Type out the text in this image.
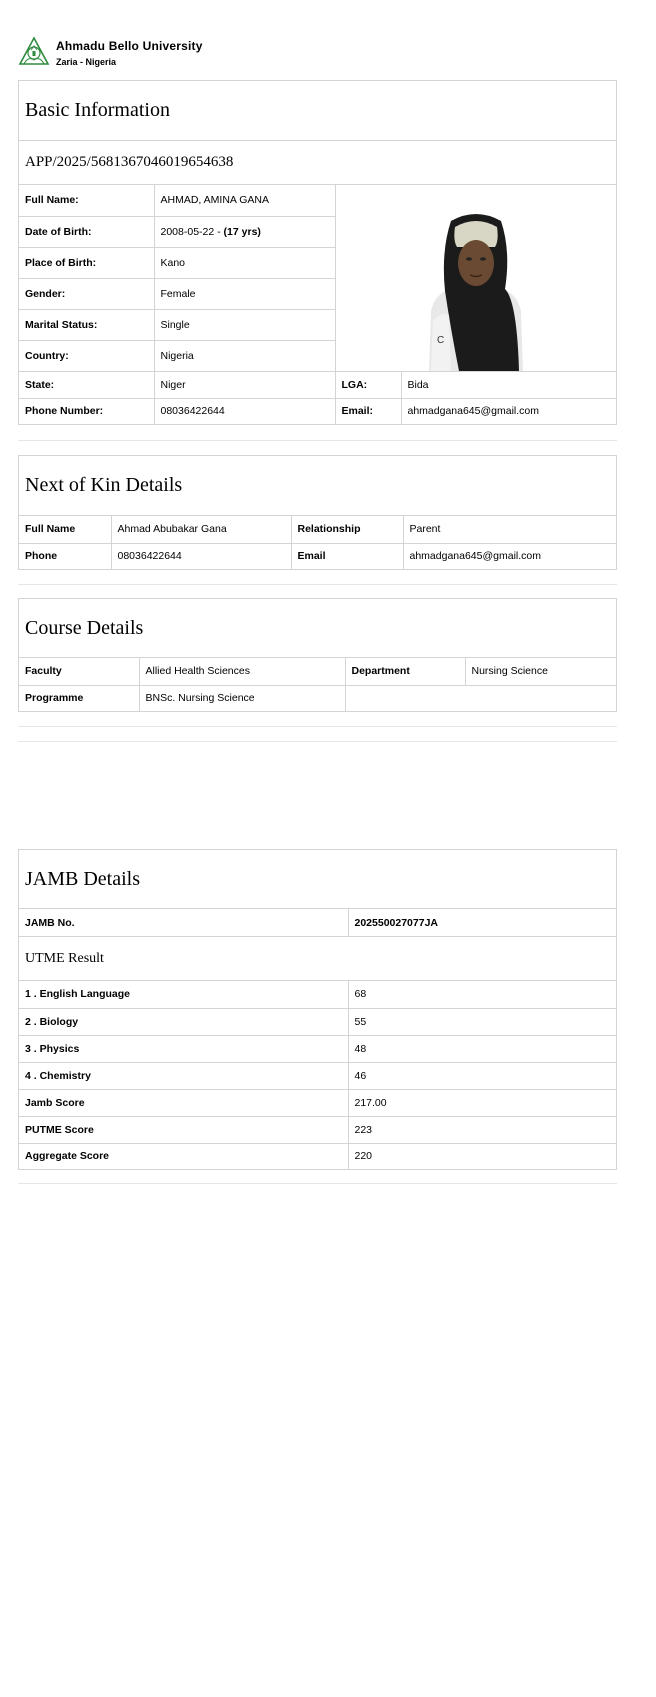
Ahmadu Bello University
Zaria - Nigeria
Basic Information
APP/2025/5681367046019654638
Full Name:	AHMAD, AMINA GANA	C	

Date of Birth:	2008-05-22 - (17 yrs)		
Place of Birth:	Kano		
Gender:	Female		
Marital Status:	Single		
Country:	Nigeria		
State:	Niger	LGA:	Bida
Phone Number:	08036422644	Email:	ahmadgana645@gmail.com
Next of Kin Details
Full Name	Ahmad Abubakar Gana	Relationship	Parent
Phone	08036422644	Email	ahmadgana645@gmail.com
Course Details
Faculty	Allied Health Sciences	Department	Nursing Science
Programme	BNSc. Nursing Science		
JAMB Details
JAMB No.	202550027077JA
UTME Result
1 . English Language	68
2 . Biology	55
3 . Physics	48
4 . Chemistry	46
Jamb Score	217.00
PUTME Score	223
Aggregate Score	220
